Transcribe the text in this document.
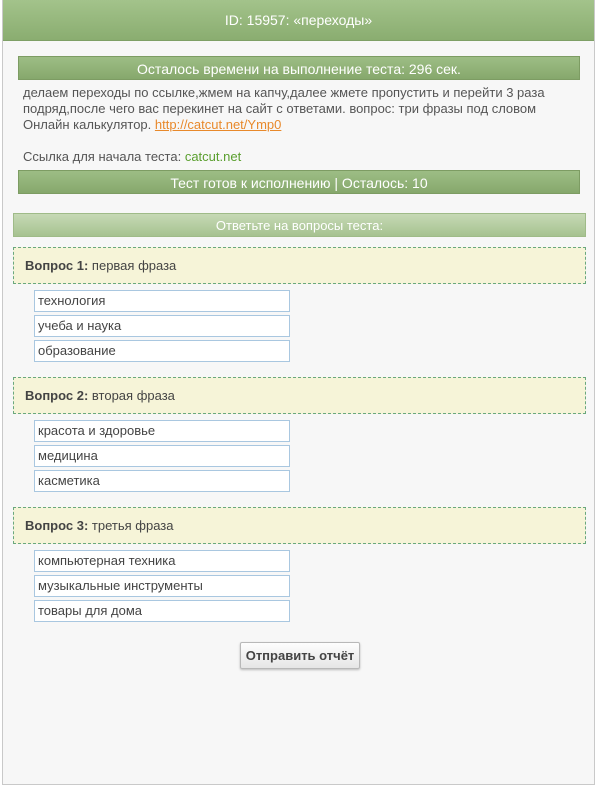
ID: 15957: «переходы»
Осталось времени на выполнение теста: 296 сек.
делаем переходы по ссылке,жмем на капчу,далее жмете пропустить и перейти 3 раза подряд,после чего вас перекинет на сайт с ответами. вопрос: три фразы под словом Онлайн калькулятор. http://catcut.net/Ymp0
Ссылка для начала теста: catcut.net
Тест готов к исполнению | Осталось: 10
Ответьте на вопросы теста:
Вопрос 1: первая фраза
технология
учеба и наука
образование
Вопрос 2: вторая фраза
красота и здоровье
медицина
касметика
Вопрос 3: третья фраза
компьютерная техника
музыкальные инструменты
товары для дома
Отправить отчёт
